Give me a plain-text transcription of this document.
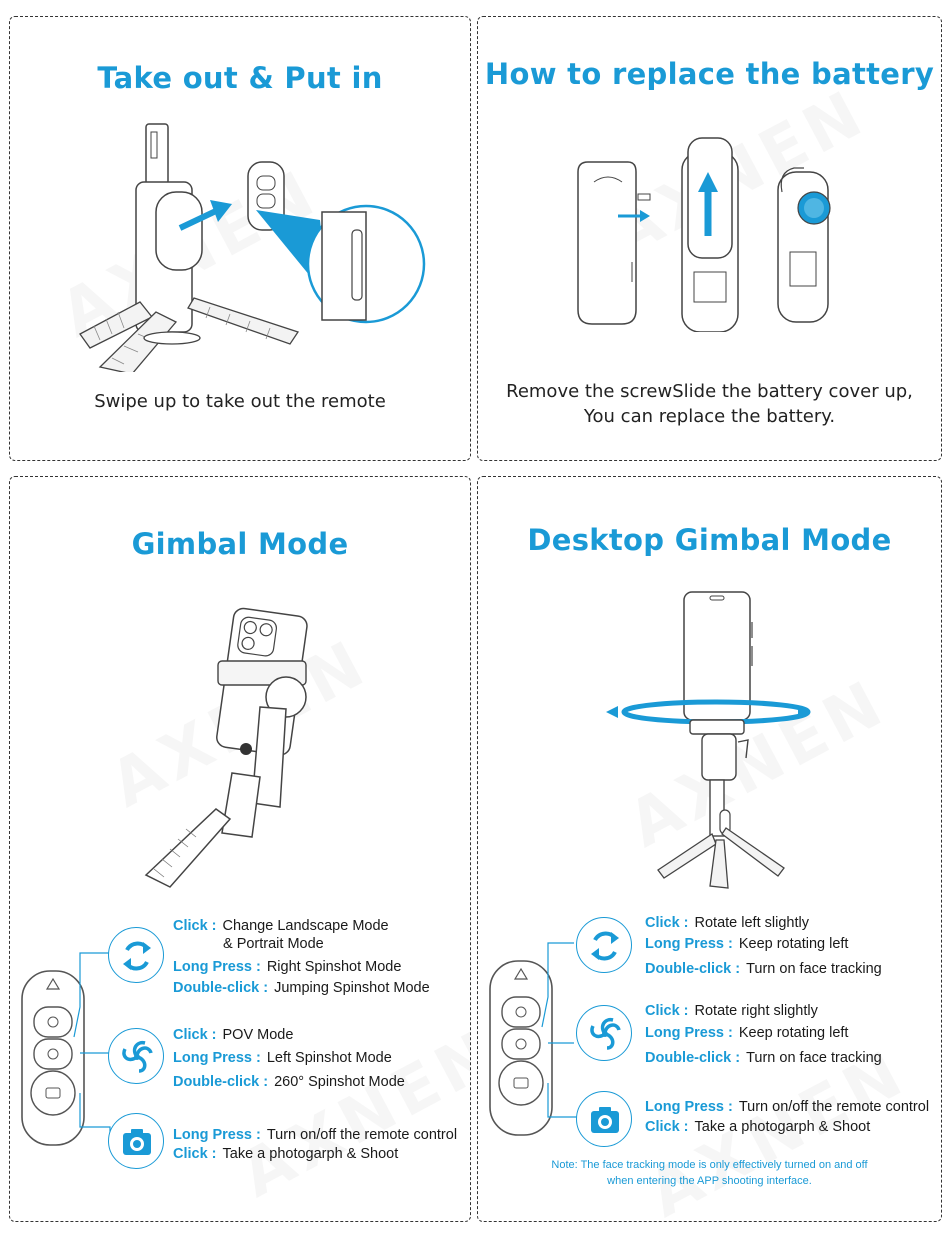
Take out & Put in
Swipe up to take out the remote
How to replace the battery
Remove the screwSlide the battery cover up,
You can replace the battery.
Gimbal Mode
Click : Change Landscape Mode
& Portrait Mode
Long Press : Right Spinshot Mode
Double-click : Jumping Spinshot Mode
Click : POV Mode
Long Press : Left Spinshot Mode
Double-click : 260° Spinshot Mode
Long Press : Turn on/off the remote control
Click : Take a photogarph & Shoot
Desktop Gimbal Mode
Click : Rotate left slightly
Long Press : Keep rotating left
Double-click : Turn on face tracking
Click : Rotate right slightly
Long Press : Keep rotating left
Double-click : Turn on face tracking
Long Press : Turn on/off the remote control
Click : Take a photogarph & Shoot
Note: The face tracking mode is only effectively turned on and off
when entering the APP shooting interface.
